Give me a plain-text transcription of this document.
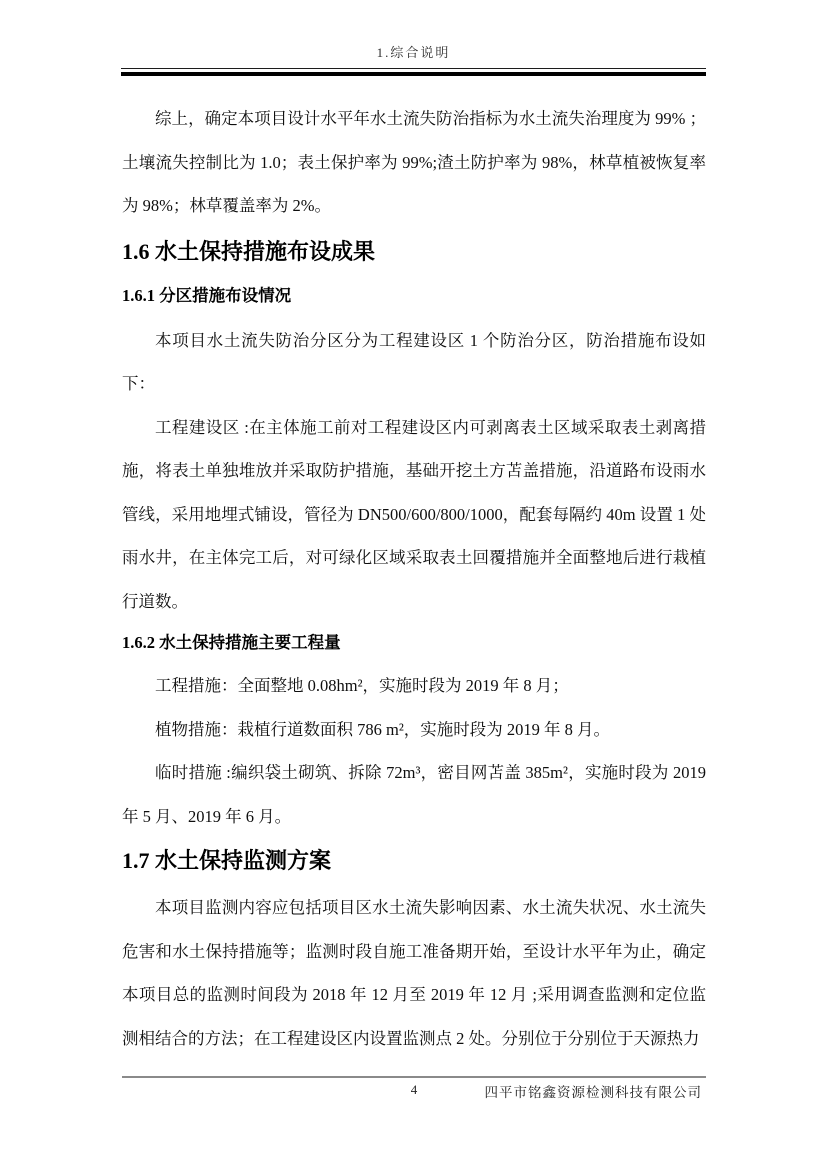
1.综合说明

综上，确定本项目设计水平年水土流失防治指标为水土流失治理度为 99% ；土壤流失控制比为 1.0；表土保护率为 99%;渣土防护率为 98%，林草植被恢复率为 98%；林草覆盖率为 2%。

1.6 水土保持措施布设成果
1.6.1 分区措施布设情况

本项目水土流失防治分区分为工程建设区 1 个防治分区，防治措施布设如下：

工程建设区 :在主体施工前对工程建设区内可剥离表土区域采取表土剥离措施，将表土单独堆放并采取防护措施，基础开挖土方苫盖措施，沿道路布设雨水管线，采用地埋式铺设，管径为 DN500/600/800/1000，配套每隔约 40m 设置 1 处雨水井，在主体完工后，对可绿化区域采取表土回覆措施并全面整地后进行栽植行道数。

1.6.2 水土保持措施主要工程量

工程措施：全面整地 0.08hm²，实施时段为 2019 年 8 月；

植物措施：栽植行道数面积 786 m²，实施时段为 2019 年 8 月。

临时措施 :编织袋土砌筑、拆除 72m³，密目网苫盖 385m²，实施时段为 2019 年 5 月、2019 年 6 月。

1.7 水土保持监测方案

本项目监测内容应包括项目区水土流失影响因素、水土流失状况、水土流失危害和水土保持措施等；监测时段自施工准备期开始，至设计水平年为止，确定本项目总的监测时间段为 2018 年 12 月至 2019 年 12 月 ;采用调查监测和定位监测相结合的方法；在工程建设区内设置监测点 2 处。分别位于分别位于天源热力

4	四平市铭鑫资源检测科技有限公司
